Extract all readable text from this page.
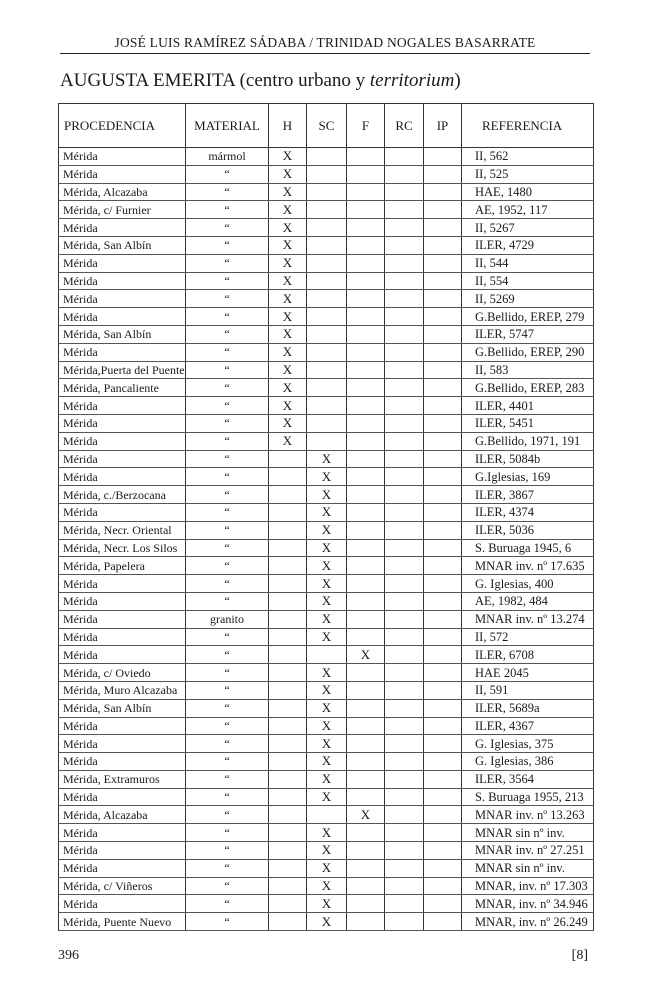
JOSÉ LUIS RAMÍREZ SÁDABA / TRINIDAD NOGALES BASARRATE
AUGUSTA EMERITA (centro urbano y territorium)
PROCEDENCIA	MATERIAL	H	SC	F	RC	IP	REFERENCIA
Mérida	mármol	X					II, 562
Mérida	“	X					II, 525
Mérida, Alcazaba	“	X					HAE, 1480
Mérida, c/ Furnier	“	X					AE, 1952, 117
Mérida	“	X					II, 5267
Mérida, San Albín	“	X					ILER, 4729
Mérida	“	X					II, 544
Mérida	“	X					II, 554
Mérida	“	X					II, 5269
Mérida	“	X					G.Bellido, EREP, 279
Mérida, San Albín	“	X					ILER, 5747
Mérida	“	X					G.Bellido, EREP, 290
Mérida,Puerta del Puente	“	X					II, 583
Mérida, Pancaliente	“	X					G.Bellido, EREP, 283
Mérida	“	X					ILER, 4401
Mérida	“	X					ILER, 5451
Mérida	“	X					G.Bellido, 1971, 191
Mérida	“		X				ILER, 5084b
Mérida	“		X				G.Iglesias, 169
Mérida, c./Berzocana	“		X				ILER, 3867
Mérida	“		X				ILER, 4374
Mérida, Necr. Oriental	“		X				ILER, 5036
Mérida, Necr. Los Silos	“		X				S. Buruaga 1945, 6
Mérida, Papelera	“		X				MNAR inv. nº 17.635
Mérida	“		X				G. Iglesias, 400
Mérida	“		X				AE, 1982, 484
Mérida	granito		X				MNAR inv. nº 13.274
Mérida	“		X				II, 572
Mérida	“			X			ILER, 6708
Mérida, c/ Oviedo	“		X				HAE 2045
Mérida, Muro Alcazaba	“		X				II, 591
Mérida, San Albín	“		X				ILER, 5689a
Mérida	“		X				ILER, 4367
Mérida	“		X				G. Iglesias, 375
Mérida	“		X				G. Iglesias, 386
Mérida, Extramuros	“		X				ILER, 3564
Mérida	“		X				S. Buruaga 1955, 213
Mérida, Alcazaba	“			X			MNAR inv. nº 13.263
Mérida	“		X				MNAR sin nº inv.
Mérida	“		X				MNAR inv. nº 27.251
Mérida	“		X				MNAR sin nº inv.
Mérida, c/ Viñeros	“		X				MNAR, inv. nº 17.303
Mérida	“		X				MNAR, inv. nº 34.946
Mérida, Puente Nuevo	“		X				MNAR, inv. nº 26.249
396	[8]
